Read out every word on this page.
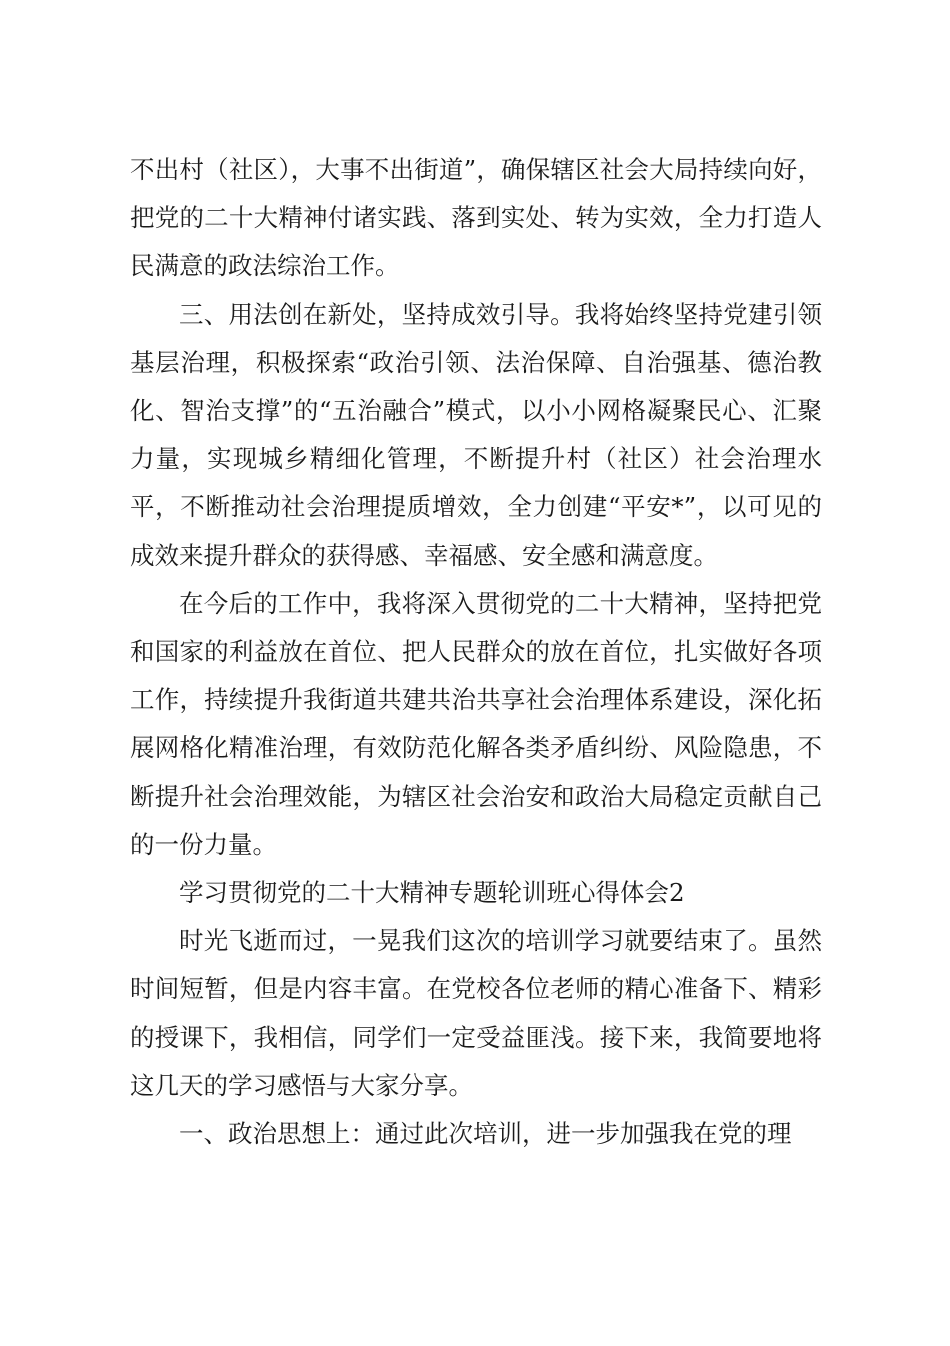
不出村（社区），大事不出街道”，确保辖区社会大局持续向好，把党的二十大精神付诸实践、落到实处、转为实效，全力打造人民满意的政法综治工作。

三、用法创在新处，坚持成效引导。我将始终坚持党建引领基层治理，积极探索“政治引领、法治保障、自治强基、德治教化、智治支撑”的“五治融合”模式，以小小网格凝聚民心、汇聚力量，实现城乡精细化管理，不断提升村（社区）社会治理水平，不断推动社会治理提质增效，全力创建“平安*”，以可见的成效来提升群众的获得感、幸福感、安全感和满意度。

在今后的工作中，我将深入贯彻党的二十大精神，坚持把党和国家的利益放在首位、把人民群众的放在首位，扎实做好各项工作，持续提升我街道共建共治共享社会治理体系建设，深化拓展网格化精准治理，有效防范化解各类矛盾纠纷、风险隐患，不断提升社会治理效能，为辖区社会治安和政治大局稳定贡献自己的一份力量。

学习贯彻党的二十大精神专题轮训班心得体会2

时光飞逝而过，一晃我们这次的培训学习就要结束了。虽然时间短暂，但是内容丰富。在党校各位老师的精心准备下、精彩的授课下，我相信，同学们一定受益匪浅。接下来，我简要地将这几天的学习感悟与大家分享。

一、政治思想上：通过此次培训，进一步加强我在党的理
